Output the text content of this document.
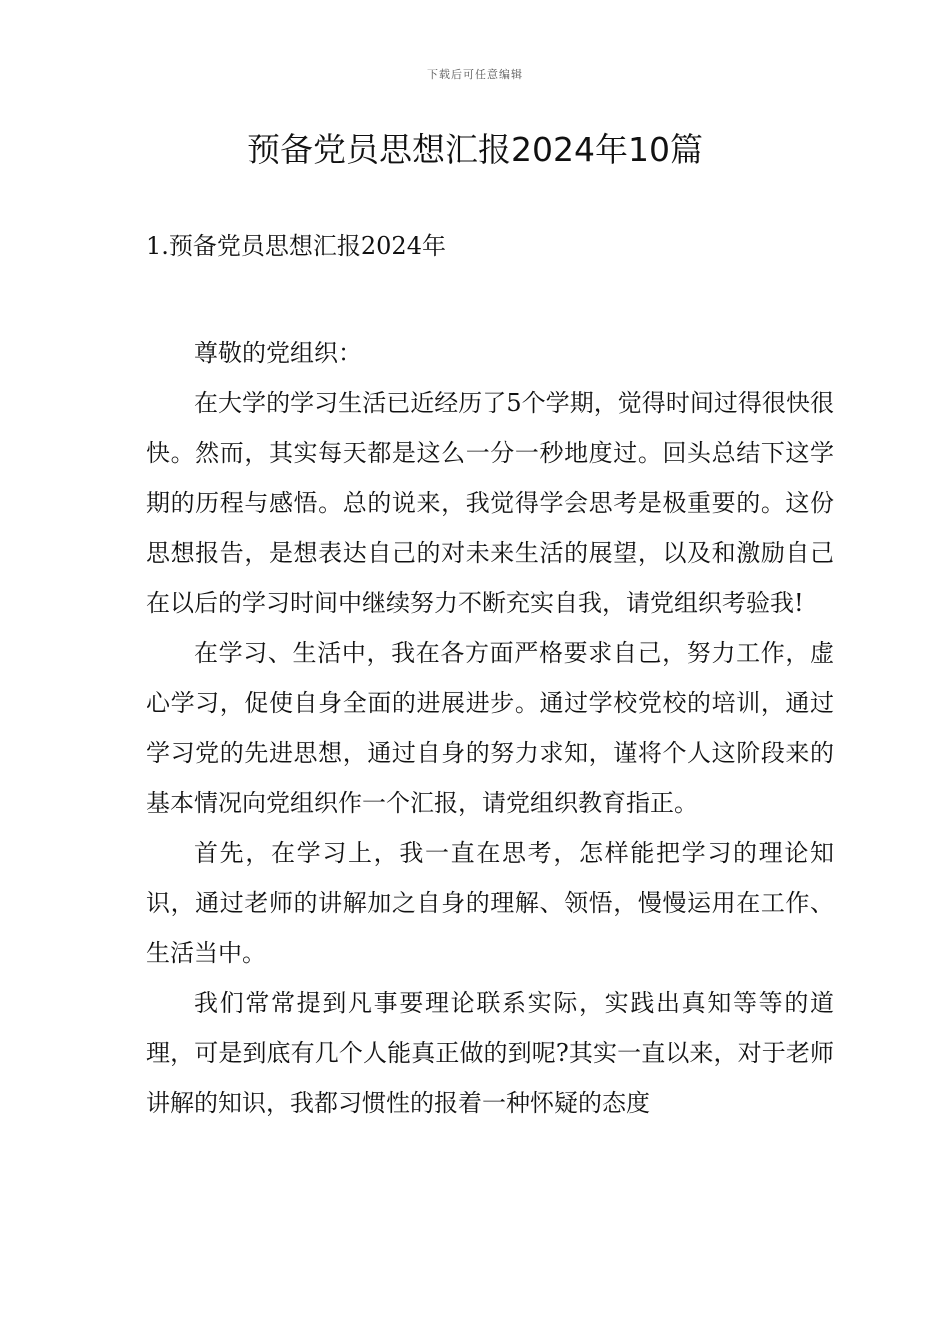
下载后可任意编辑
预备党员思想汇报2024年10篇
1.预备党员思想汇报2024年

尊敬的党组织：

在大学的学习生活已近经历了5个学期，觉得时间过得很快很快。然而，其实每天都是这么一分一秒地度过。回头总结下这学期的历程与感悟。总的说来，我觉得学会思考是极重要的。这份思想报告，是想表达自己的对未来生活的展望，以及和激励自己在以后的学习时间中继续努力不断充实自我，请党组织考验我!

在学习、生活中，我在各方面严格要求自己，努力工作，虚心学习，促使自身全面的进展进步。通过学校党校的培训，通过学习党的先进思想，通过自身的努力求知，谨将个人这阶段来的基本情况向党组织作一个汇报，请党组织教育指正。

首先，在学习上，我一直在思考，怎样能把学习的理论知识，通过老师的讲解加之自身的理解、领悟，慢慢运用在工作、生活当中。

我们常常提到凡事要理论联系实际，实践出真知等等的道理，可是到底有几个人能真正做的到呢?其实一直以来，对于老师讲解的知识，我都习惯性的报着一种怀疑的态度
